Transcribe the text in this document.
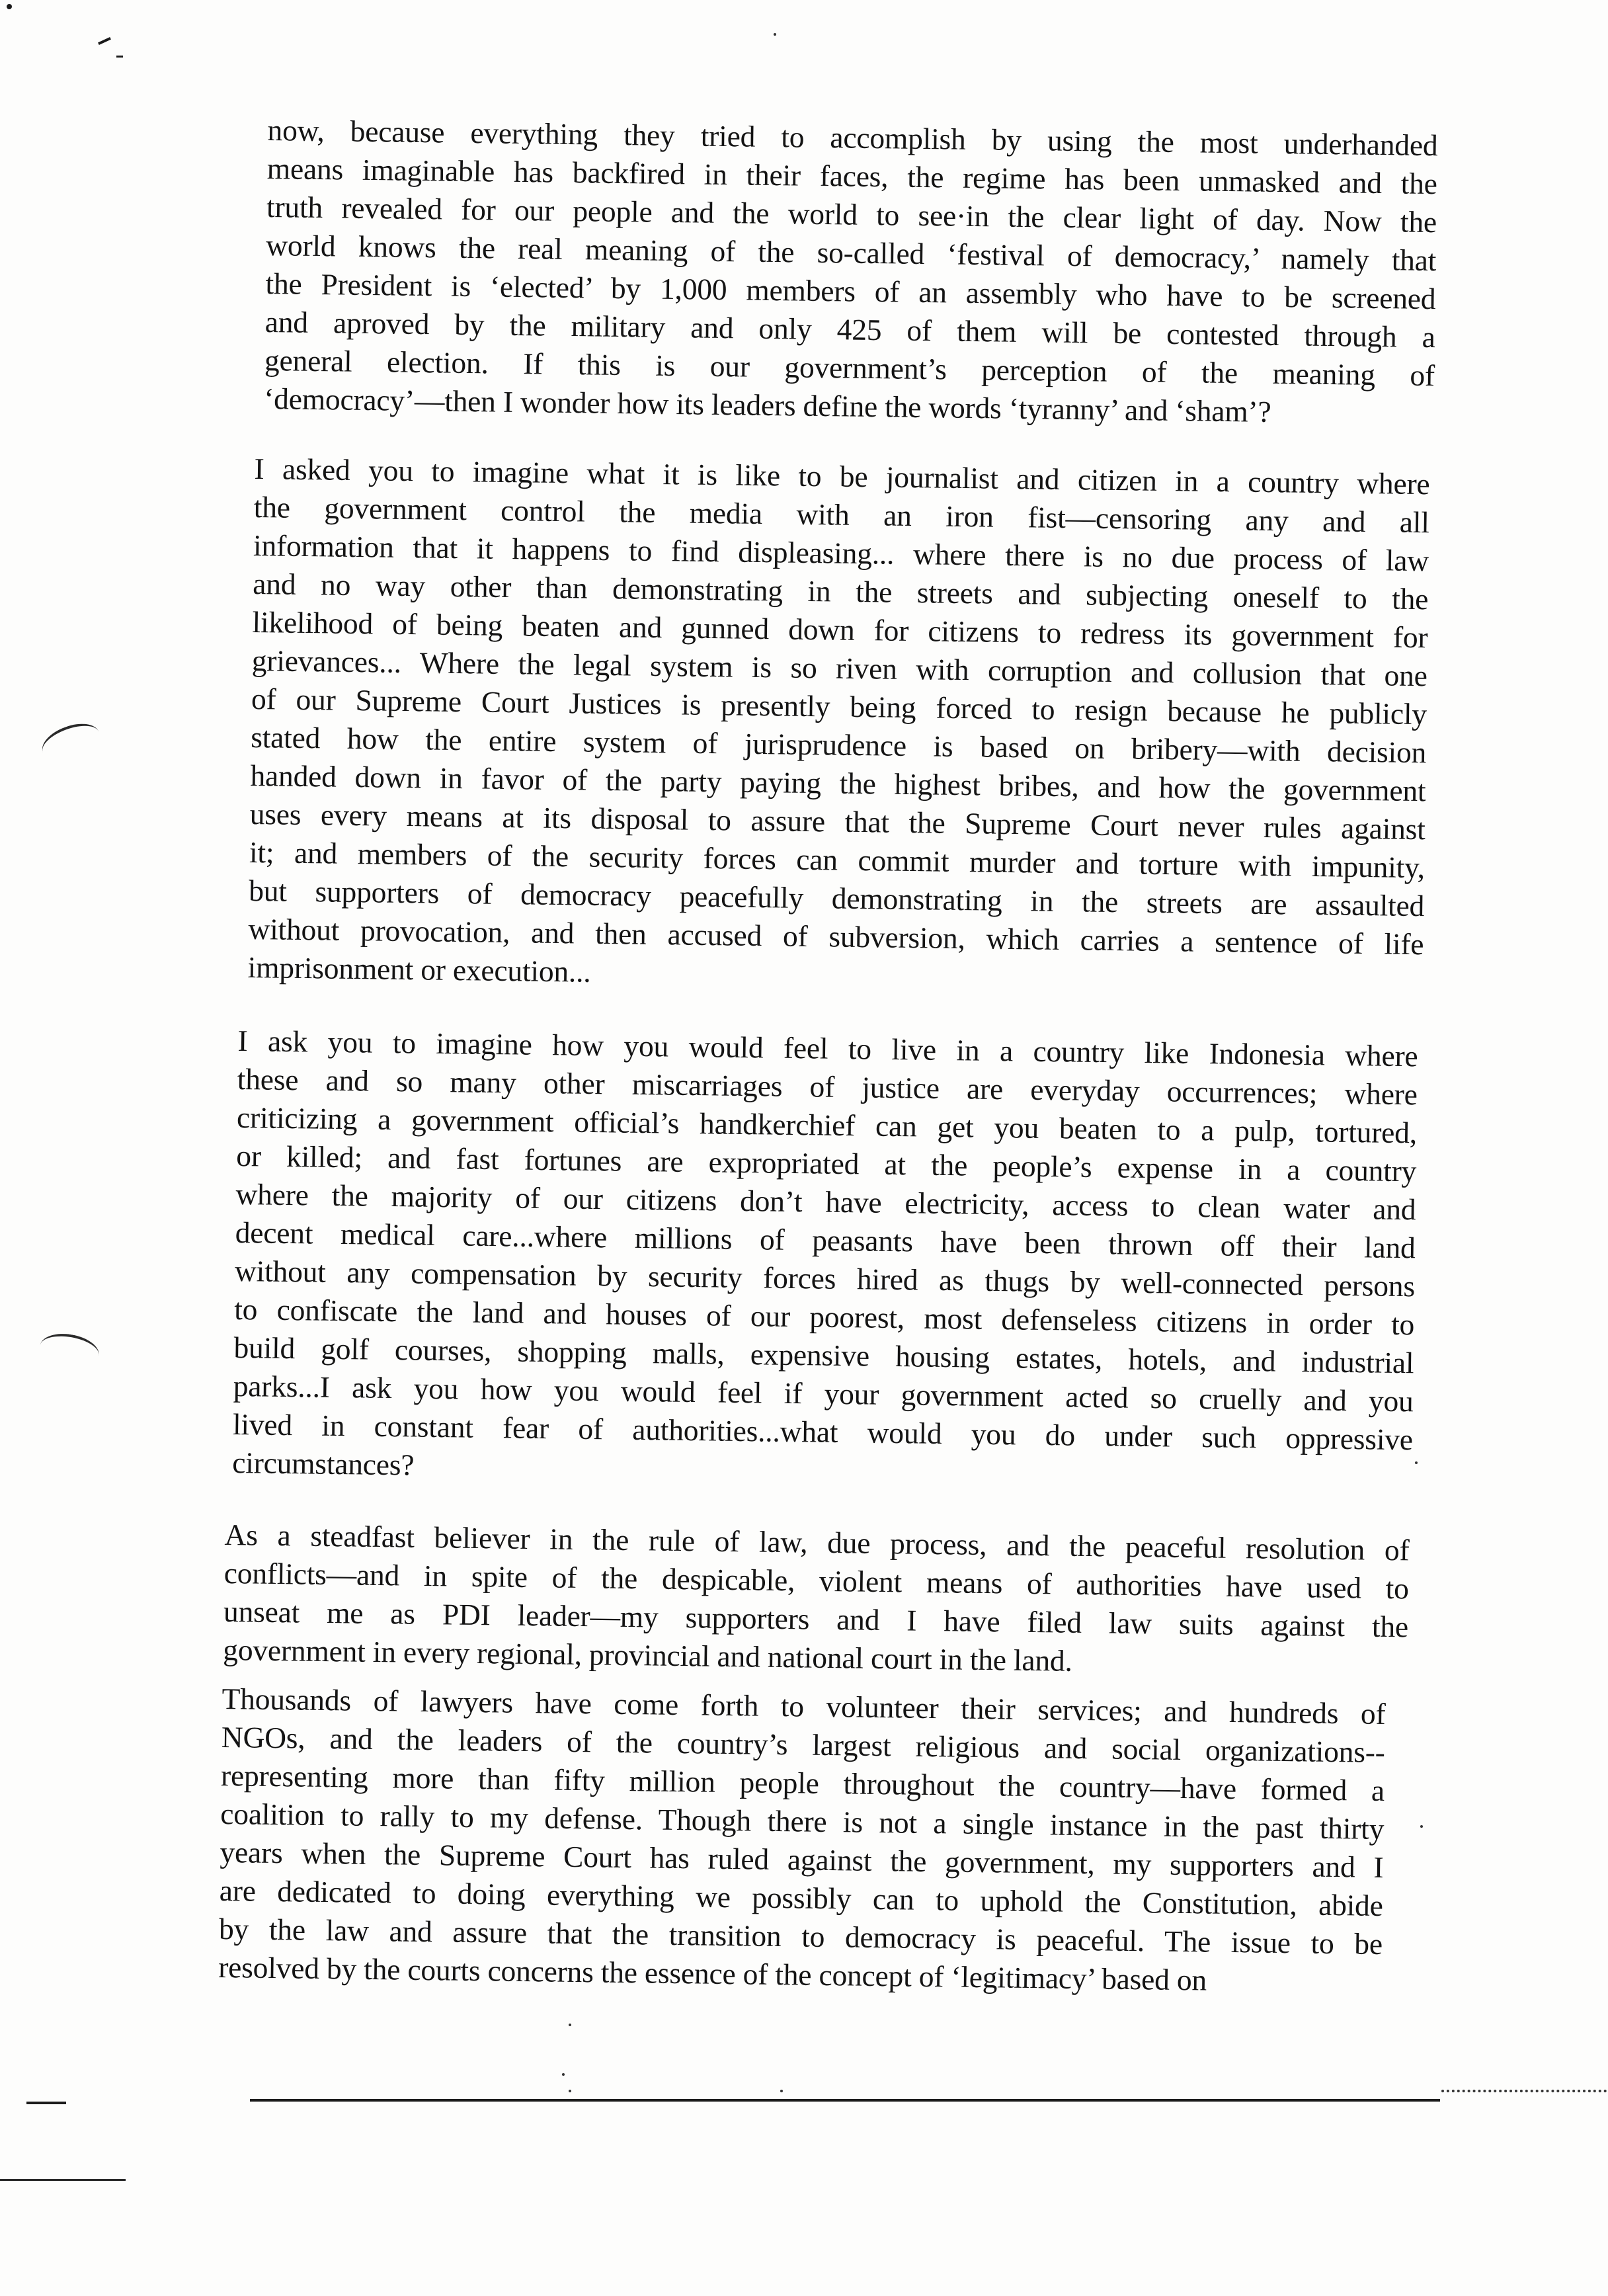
now, because everything they tried to accomplish by using the most underhanded
means imaginable has backfired in their faces, the regime has been unmasked and the
truth revealed for our people and the world to see·in the clear light of day. Now the
world knows the real meaning of the so-called ‘festival of democracy,’ namely that
the President is ‘elected’ by 1,000 members of an assembly who have to be screened
and aproved by the military and only 425 of them will be contested through a
general election. If this is our government’s perception of the meaning of
‘democracy’—then I wonder how its leaders define the words ‘tyranny’ and ‘sham’?
I asked you to imagine what it is like to be journalist and citizen in a country where
the government control the media with an iron fist—censoring any and all
information that it happens to find displeasing... where there is no due process of law
and no way other than demonstrating in the streets and subjecting oneself to the
likelihood of being beaten and gunned down for citizens to redress its government for
grievances... Where the legal system is so riven with corruption and collusion that one
of our Supreme Court Justices is presently being forced to resign because he publicly
stated how the entire system of jurisprudence is based on bribery—with decision
handed down in favor of the party paying the highest bribes, and how the government
uses every means at its disposal to assure that the Supreme Court never rules against
it; and members of the security forces can commit murder and torture with impunity,
but supporters of democracy peacefully demonstrating in the streets are assaulted
without provocation, and then accused of subversion, which carries a sentence of life
imprisonment or execution...
I ask you to imagine how you would feel to live in a country like Indonesia where
these and so many other miscarriages of justice are everyday occurrences; where
criticizing a government official’s handkerchief can get you beaten to a pulp, tortured,
or killed; and fast fortunes are expropriated at the people’s expense in a country
where the majority of our citizens don’t have electricity, access to clean water and
decent medical care...where millions of peasants have been thrown off their land
without any compensation by security forces hired as thugs by well-connected persons
to confiscate the land and houses of our poorest, most defenseless citizens in order to
build golf courses, shopping malls, expensive housing estates, hotels, and industrial
parks...I ask you how you would feel if your government acted so cruelly and you
lived in constant fear of authorities...what would you do under such oppressive
circumstances?
As a steadfast believer in the rule of law, due process, and the peaceful resolution of
conflicts—and in spite of the despicable, violent means of authorities have used to
unseat me as PDI leader—my supporters and I have filed law suits against the
government in every regional, provincial and national court in the land.
Thousands of lawyers have come forth to volunteer their services; and hundreds of
NGOs, and the leaders of the country’s largest religious and social organizations--
representing more than fifty million people throughout the country—have formed a
coalition to rally to my defense. Though there is not a single instance in the past thirty
years when the Supreme Court has ruled against the government, my supporters and I
are dedicated to doing everything we possibly can to uphold the Constitution, abide
by the law and assure that the transition to democracy is peaceful. The issue to be
resolved by the courts concerns the essence of the concept of ‘legitimacy’ based on
